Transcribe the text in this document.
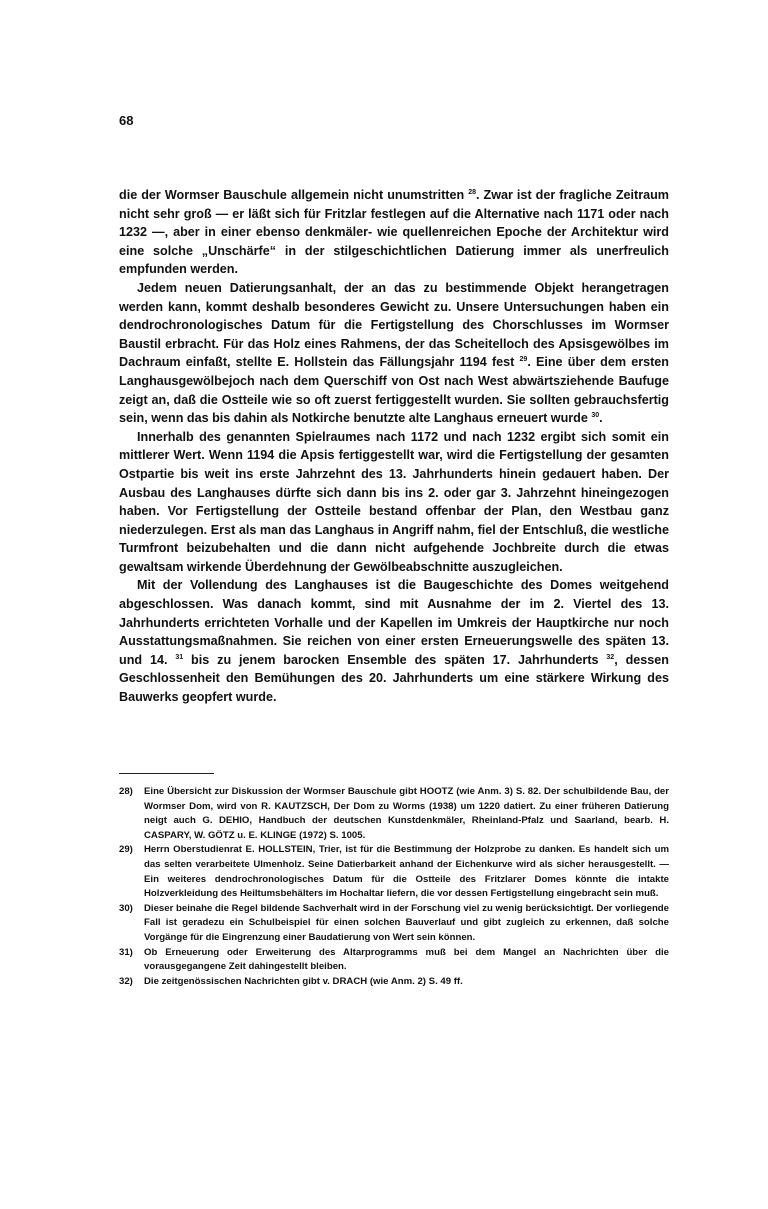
68

die der Wormser Bauschule allgemein nicht unumstritten $^{28}$. Zwar ist der fragliche Zeitraum nicht sehr groß — er läßt sich für Fritzlar festlegen auf die Alternative nach 1171 oder nach 1232 —, aber in einer ebenso denkmäler- wie quellenreichen Epoche der Architektur wird eine solche „Unschärfe“ in der stilgeschichtlichen Datierung immer als unerfreulich empfunden werden.

Jedem neuen Datierungsanhalt, der an das zu bestimmende Objekt herangetragen werden kann, kommt deshalb besonderes Gewicht zu. Unsere Untersuchungen haben ein dendrochronologisches Datum für die Fertigstellung des Chorschlusses im Wormser Baustil erbracht. Für das Holz eines Rahmens, der das Scheitelloch des Apsisgewölbes im Dachraum einfaßt, stellte E. Hollstein das Fällungsjahr 1194 fest $^{29}$. Eine über dem ersten Langhausgewölbejoch nach dem Querschiff von Ost nach West abwärtsziehende Baufuge zeigt an, daß die Ostteile wie so oft zuerst fertiggestellt wurden. Sie sollten gebrauchsfertig sein, wenn das bis dahin als Notkirche benutzte alte Langhaus erneuert wurde $^{30}$.

Innerhalb des genannten Spielraumes nach 1172 und nach 1232 ergibt sich somit ein mittlerer Wert. Wenn 1194 die Apsis fertiggestellt war, wird die Fertigstellung der gesamten Ostpartie bis weit ins erste Jahrzehnt des 13. Jahrhunderts hinein gedauert haben. Der Ausbau des Langhauses dürfte sich dann bis ins 2. oder gar 3. Jahrzehnt hineingezogen haben. Vor Fertigstellung der Ostteile bestand offenbar der Plan, den Westbau ganz niederzulegen. Erst als man das Langhaus in Angriff nahm, fiel der Entschluß, die westliche Turmfront beizubehalten und die dann nicht aufgehende Jochbreite durch die etwas gewaltsam wirkende Überdehnung der Gewölbeabschnitte auszugleichen.

Mit der Vollendung des Langhauses ist die Baugeschichte des Domes weitgehend abgeschlossen. Was danach kommt, sind mit Ausnahme der im 2. Viertel des 13. Jahrhunderts errichteten Vorhalle und der Kapellen im Umkreis der Hauptkirche nur noch Ausstattungsmaßnahmen. Sie reichen von einer ersten Erneuerungswelle des späten 13. und 14. $^{31}$ bis zu jenem barocken Ensemble des späten 17. Jahrhunderts $^{32}$, dessen Geschlossenheit den Bemühungen des 20. Jahrhunderts um eine stärkere Wirkung des Bauwerks geopfert wurde.

28)	Eine Übersicht zur Diskussion der Wormser Bauschule gibt HOOTZ (wie Anm. 3) S. 82. Der schulbildende Bau, der Wormser Dom, wird von R. KAUTZSCH, Der Dom zu Worms (1938) um 1220 datiert. Zu einer früheren Datierung neigt auch G. DEHIO, Handbuch der deutschen Kunstdenkmäler, Rheinland-Pfalz und Saarland, bearb. H. CASPARY, W. GÖTZ u. E. KLINGE (1972) S. 1005.
29)	Herrn Oberstudienrat E. HOLLSTEIN, Trier, ist für die Bestimmung der Holzprobe zu danken. Es handelt sich um das selten verarbeitete Ulmenholz. Seine Datierbarkeit anhand der Eichenkurve wird als sicher herausgestellt. — Ein weiteres dendrochronologisches Datum für die Ostteile des Fritzlarer Domes könnte die intakte Holzverkleidung des Heiltumsbehälters im Hochaltar liefern, die vor dessen Fertigstellung eingebracht sein muß.
30)	Dieser beinahe die Regel bildende Sachverhalt wird in der Forschung viel zu wenig berücksichtigt. Der vorliegende Fall ist geradezu ein Schulbeispiel für einen solchen Bauverlauf und gibt zugleich zu erkennen, daß solche Vorgänge für die Eingrenzung einer Baudatierung von Wert sein können.
31)	Ob Erneuerung oder Erweiterung des Altarprogramms muß bei dem Mangel an Nachrichten über die vorausgegangene Zeit dahingestellt bleiben.
32)	Die zeitgenössischen Nachrichten gibt v. DRACH (wie Anm. 2) S. 49 ff.
